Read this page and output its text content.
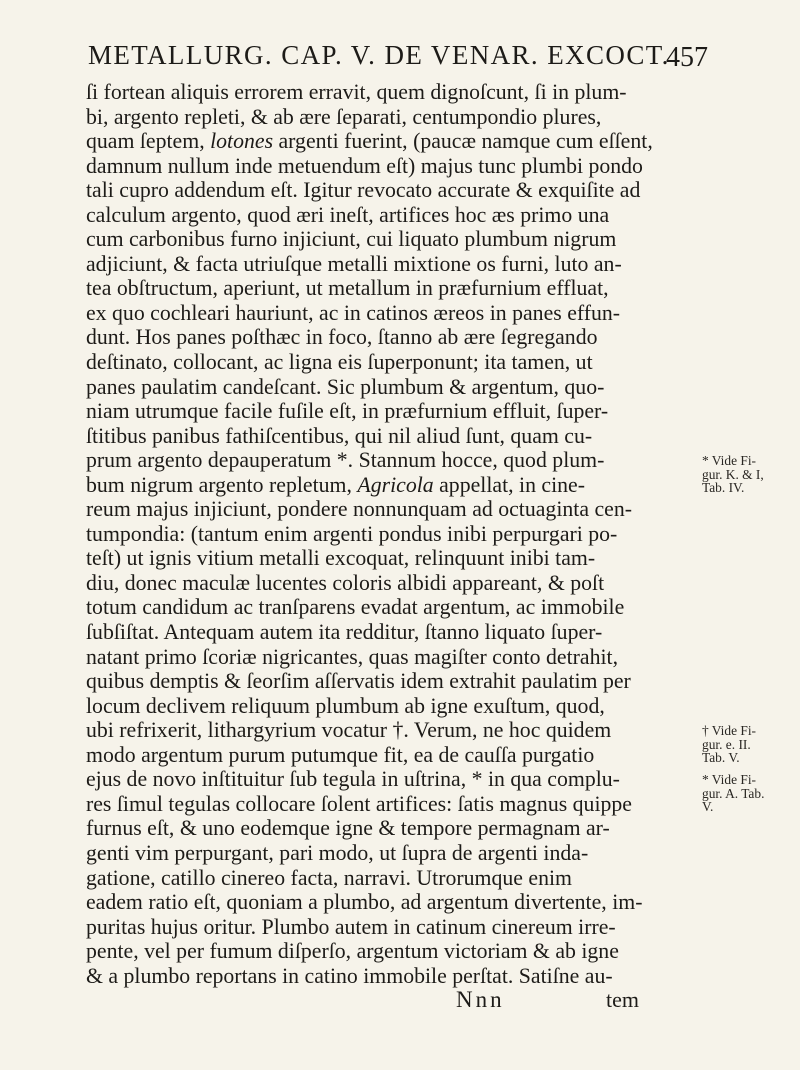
METALLURG. CAP. V. DE VENAR. EXCOCT.
457
ſi fortean aliquis errorem erravit, quem dignoſcunt, ſi in plum-
bi, argento repleti, & ab ære ſeparati, centumpondio plures,
quam ſeptem, lotones argenti fuerint, (paucæ namque cum eſſent,
damnum nullum inde metuendum eſt) majus tunc plumbi pondo
tali cupro addendum eſt. Igitur revocato accurate & exquiſite ad
calculum argento, quod æri ineſt, artifices hoc æs primo una
cum carbonibus furno injiciunt, cui liquato plumbum nigrum
adjiciunt, & facta utriuſque metalli mixtione os furni, luto an-
tea obſtructum, aperiunt, ut metallum in præfurnium effluat,
ex quo cochleari hauriunt, ac in catinos æreos in panes effun-
dunt. Hos panes poſthæc in foco, ſtanno ab ære ſegregando
deſtinato, collocant, ac ligna eis ſuperponunt; ita tamen, ut
panes paulatim candeſcant. Sic plumbum & argentum, quo-
niam utrumque facile fuſile eſt, in præfurnium effluit, ſuper-
ſtitibus panibus fathiſcentibus, qui nil aliud ſunt, quam cu-
prum argento depauperatum *. Stannum hocce, quod plum-
bum nigrum argento repletum, Agricola appellat, in cine-
reum majus injiciunt, pondere nonnunquam ad octuaginta cen-
tumpondia: (tantum enim argenti pondus inibi perpurgari po-
teſt) ut ignis vitium metalli excoquat, relinquunt inibi tam-
diu, donec maculæ lucentes coloris albidi appareant, & poſt
totum candidum ac tranſparens evadat argentum, ac immobile
ſubſiſtat. Antequam autem ita redditur, ſtanno liquato ſuper-
natant primo ſcoriæ nigricantes, quas magiſter conto detrahit,
quibus demptis & ſeorſim aſſervatis idem extrahit paulatim per
locum declivem reliquum plumbum ab igne exuſtum, quod,
ubi refrixerit, lithargyrium vocatur †. Verum, ne hoc quidem
modo argentum purum putumque fit, ea de cauſſa purgatio
ejus de novo inſtituitur ſub tegula in uſtrina, * in qua complu-
res ſimul tegulas collocare ſolent artifices: ſatis magnus quippe
furnus eſt, & uno eodemque igne & tempore permagnam ar-
genti vim perpurgant, pari modo, ut ſupra de argenti inda-
gatione, catillo cinereo facta, narravi. Utrorumque enim
eadem ratio eſt, quoniam a plumbo, ad argentum divertente, im-
puritas hujus oritur. Plumbo autem in catinum cinereum irre-
pente, vel per fumum diſperſo, argentum victoriam & ab igne
& a plumbo reportans in catino immobile perſtat. Satiſne au-
Nnn	tem
* Vide Fi-
gur. K. & I,
Tab. IV.
† Vide Fi-
gur. e. II.
Tab. V.
* Vide Fi-
gur. A. Tab.
V.
